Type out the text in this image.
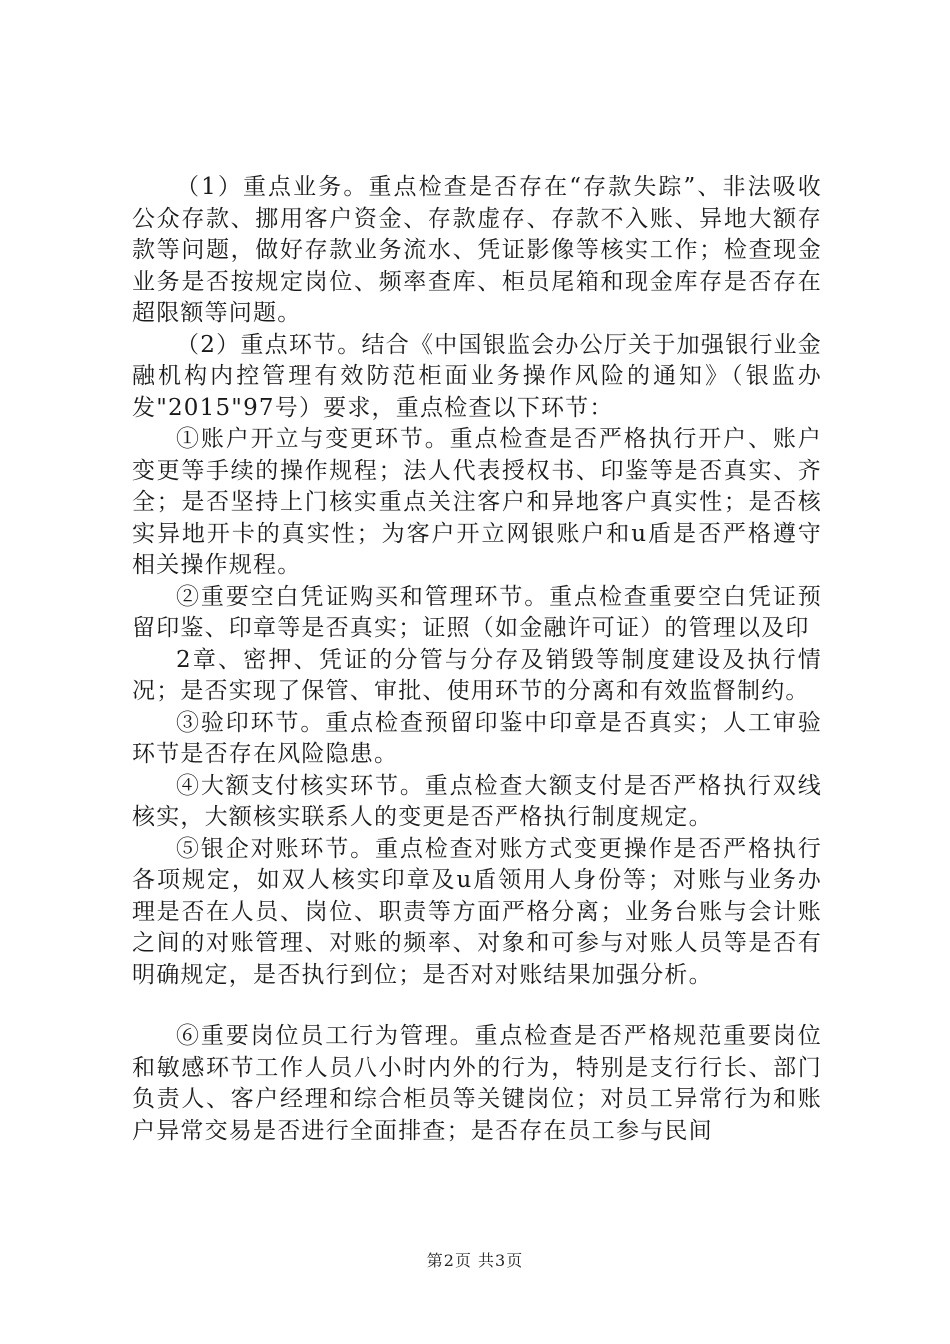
（1）重点业务。重点检查是否存在“存款失踪”、非法吸收公众存款、挪用客户资金、存款虚存、存款不入账、异地大额存款等问题，做好存款业务流水、凭证影像等核实工作；检查现金业务是否按规定岗位、频率查库、柜员尾箱和现金库存是否存在超限额等问题。

（2）重点环节。结合《中国银监会办公厅关于加强银行业金融机构内控管理有效防范柜面业务操作风险的通知》（银监办发"2015"97号）要求，重点检查以下环节：

①账户开立与变更环节。重点检查是否严格执行开户、账户变更等手续的操作规程；法人代表授权书、印鉴等是否真实、齐全；是否坚持上门核实重点关注客户和异地客户真实性；是否核实异地开卡的真实性；为客户开立网银账户和u盾是否严格遵守相关操作规程。

②重要空白凭证购买和管理环节。重点检查重要空白凭证预留印鉴、印章等是否真实；证照（如金融许可证）的管理以及印

2章、密押、凭证的分管与分存及销毁等制度建设及执行情况；是否实现了保管、审批、使用环节的分离和有效监督制约。

③验印环节。重点检查预留印鉴中印章是否真实；人工审验环节是否存在风险隐患。

④大额支付核实环节。重点检查大额支付是否严格执行双线核实，大额核实联系人的变更是否严格执行制度规定。

⑤银企对账环节。重点检查对账方式变更操作是否严格执行各项规定，如双人核实印章及u盾领用人身份等；对账与业务办理是否在人员、岗位、职责等方面严格分离；业务台账与会计账之间的对账管理、对账的频率、对象和可参与对账人员等是否有明确规定，是否执行到位；是否对对账结果加强分析。

⑥重要岗位员工行为管理。重点检查是否严格规范重要岗位和敏感环节工作人员八小时内外的行为，特别是支行行长、部门负责人、客户经理和综合柜员等关键岗位；对员工异常行为和账户异常交易是否进行全面排查；是否存在员工参与民间

第2页 共3页
